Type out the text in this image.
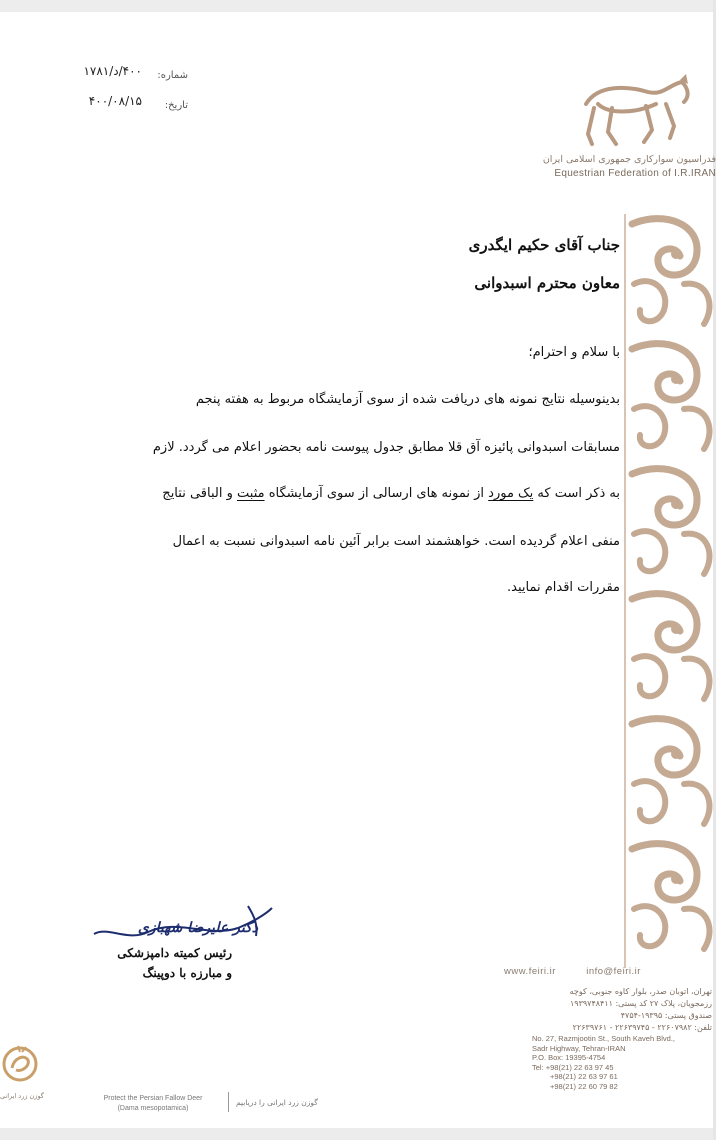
شماره:
۴۰۰/د/۱۷۸۱
تاریخ:
۴۰۰/۰۸/۱۵
فدراسیون سوارکاری جمهوری اسلامی ایران
Equestrian Federation of I.R.IRAN
جناب آقای حکیم ایگدری
معاون محترم اسبدوانی
با سلام و احترام؛
بدینوسیله نتایج نمونه های دریافت شده از سوی آزمایشگاه مربوط به هفته پنجم
مسابقات اسبدوانی پائیزه آق قلا مطابق جدول پیوست نامه بحضور اعلام می گردد. لازم
به ذکر است که یک مورد از نمونه های ارسالی از سوی آزمایشگاه مثبت و الباقی نتایج
منفی اعلام گردیده است. خواهشمند است برابر آئین نامه اسبدوانی نسبت به اعمال
مقررات اقدام نمایید.
دکتر علیرضا شهبازی
رئیس کمیته دامپزشکی
و مبارزه با دوپینگ	www.feiri.ir	info@feiri.ir
تهران، اتوبان صدر، بلوار کاوه جنوبی، کوچه
رزمجویان، پلاک ۲۷ کد پستی: ۱۹۳۹۷۴۸۴۱۱
صندوق پستی: ۱۹۳۹۵-۴۷۵۴
تلفن: ۲۲۶۰۷۹۸۲ - ۲۲۶۳۹۷۴۵ - ۲۲۶۳۹۷۶۱
No. 27, Razmjootin St., South Kaveh Blvd.,
Sadr Highway, Tehran-IRAN
P.O. Box: 19395-4754
Tel: +98(21) 22 63 97 45
+98(21) 22 63 97 61
+98(21) 22 60 79 82
گوزن زرد ایرانی	Protect the Persian Fallow Deer
(Dama mesopotamica)
گوزن زرد ایرانی را دریابیم
